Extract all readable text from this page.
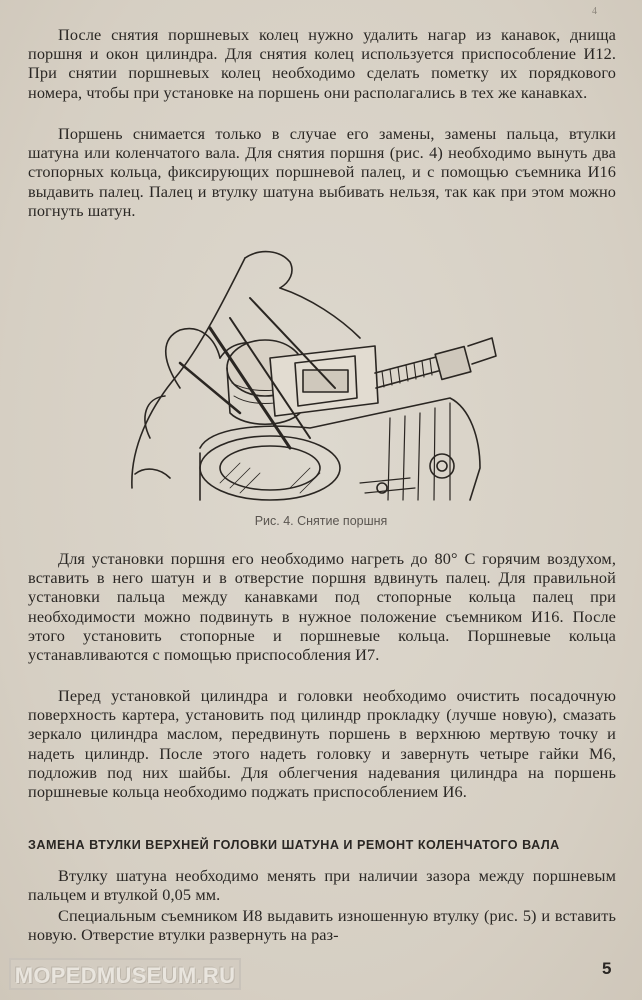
4

После снятия поршневых колец нужно удалить нагар из канавок, днища поршня и окон цилиндра. Для снятия колец используется приспособление И12. При снятии поршневых колец необходимо сделать пометку их порядкового номера, чтобы при установке на поршень они располагались в тех же канавках.

Поршень снимается только в случае его замены, замены пальца, втулки шатуна или коленчатого вала. Для снятия поршня (рис. 4) необходимо вынуть два стопорных кольца, фиксирующих поршневой палец, и с помощью съемника И16 выдавить палец. Палец и втулку шатуна выбивать нельзя, так как при этом можно погнуть шатун.

Рис. 4. Снятие поршня

Для установки поршня его необходимо нагреть до 80° С горячим воздухом, вставить в него шатун и в отверстие поршня вдвинуть палец. Для правильной установки пальца между канавками под стопорные кольца палец при необходимости можно подвинуть в нужное положение съемником И16. После этого установить стопорные и поршневые кольца. Поршневые кольца устанавливаются с помощью приспособления И7.

Перед установкой цилиндра и головки необходимо очистить посадочную поверхность картера, установить под цилиндр прокладку (лучше новую), смазать зеркало цилиндра маслом, передвинуть поршень в верхнюю мертвую точку и надеть цилиндр. После этого надеть головку и завернуть четыре гайки М6, подложив под них шайбы. Для облегчения надевания цилиндра на поршень поршневые кольца необходимо поджать приспособлением И6.

ЗАМЕНА ВТУЛКИ ВЕРХНЕЙ ГОЛОВКИ ШАТУНА И РЕМОНТ КОЛЕНЧАТОГО ВАЛА

Втулку шатуна необходимо менять при наличии зазора между поршневым пальцем и втулкой 0,05 мм.

Специальным съемником И8 выдавить изношенную втулку (рис. 5) и вставить новую. Отверстие втулки развернуть на раз-

MOPEDMUSEUM.RU	5
